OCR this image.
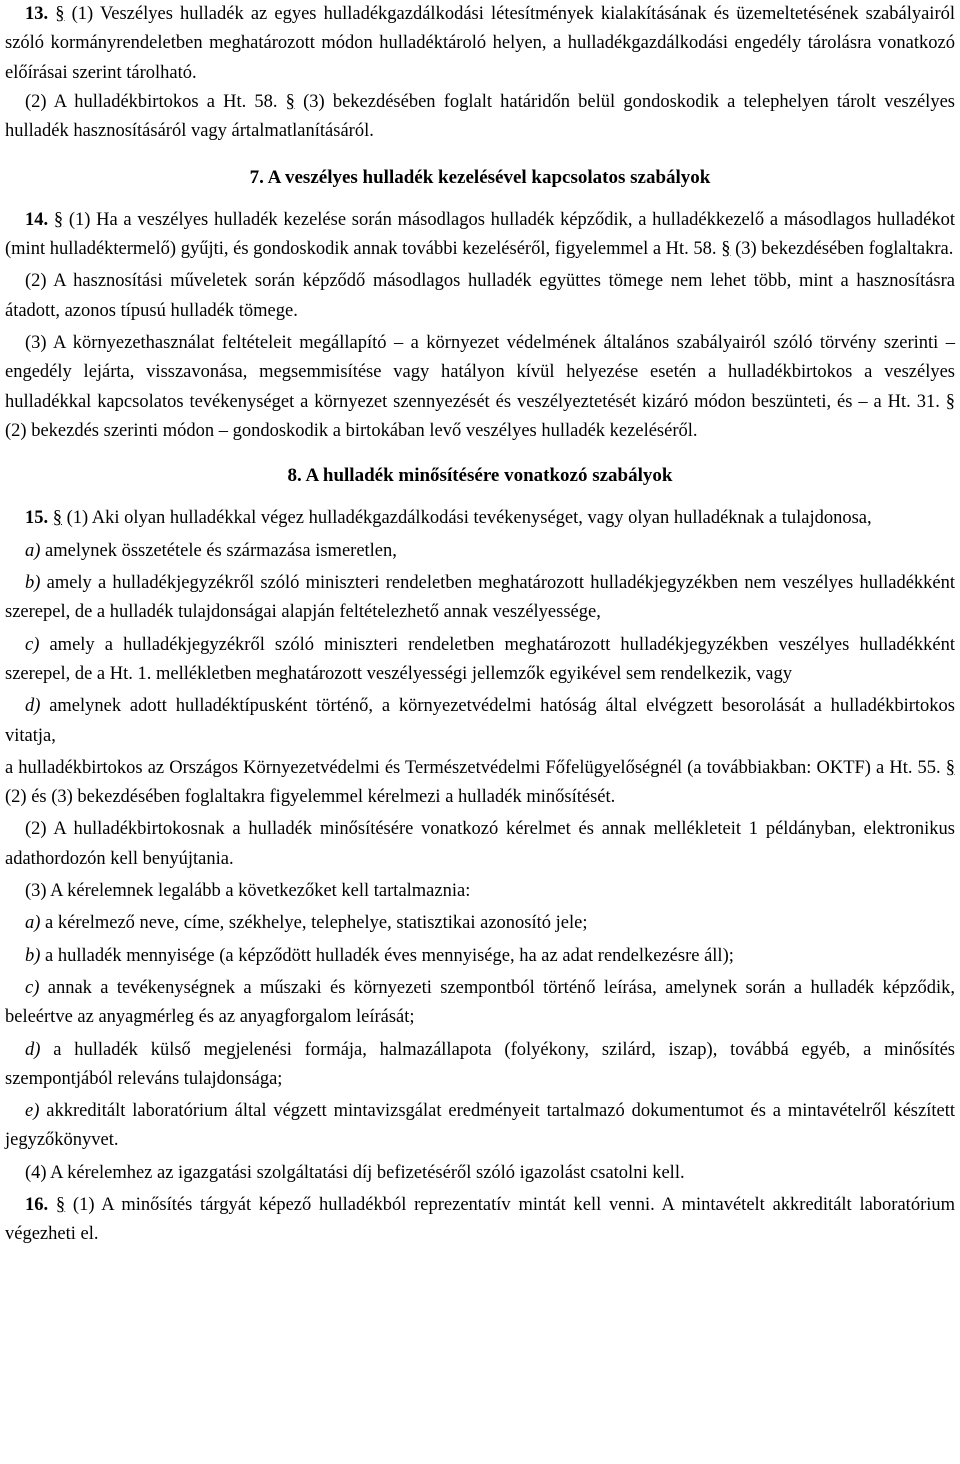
13. § (1) Veszélyes hulladék az egyes hulladékgazdálkodási létesítmények kialakításának és üzemeltetésének szabályairól szóló kormányrendeletben meghatározott módon hulladéktároló helyen, a hulladékgazdálkodási engedély tárolásra vonatkozó előírásai szerint tárolható.

(2) A hulladékbirtokos a Ht. 58. § (3) bekezdésében foglalt határidőn belül gondoskodik a telephelyen tárolt veszélyes hulladék hasznosításáról vagy ártalmatlanításáról.

7. A veszélyes hulladék kezelésével kapcsolatos szabályok

14. § (1) Ha a veszélyes hulladék kezelése során másodlagos hulladék képződik, a hulladékkezelő a másodlagos hulladékot (mint hulladéktermelő) gyűjti, és gondoskodik annak további kezeléséről, figyelemmel a Ht. 58. § (3) bekezdésében foglaltakra.

(2) A hasznosítási műveletek során képződő másodlagos hulladék együttes tömege nem lehet több, mint a hasznosításra átadott, azonos típusú hulladék tömege.

(3) A környezethasználat feltételeit megállapító – a környezet védelmének általános szabályairól szóló törvény szerinti – engedély lejárta, visszavonása, megsemmisítése vagy hatályon kívül helyezése esetén a hulladékbirtokos a veszélyes hulladékkal kapcsolatos tevékenységet a környezet szennyezését és veszélyeztetését kizáró módon beszünteti, és – a Ht. 31. § (2) bekezdés szerinti módon – gondoskodik a birtokában levő veszélyes hulladék kezeléséről.

8. A hulladék minősítésére vonatkozó szabályok

15. § (1) Aki olyan hulladékkal végez hulladékgazdálkodási tevékenységet, vagy olyan hulladéknak a tulajdonosa,

a) amelynek összetétele és származása ismeretlen,

b) amely a hulladékjegyzékről szóló miniszteri rendeletben meghatározott hulladékjegyzékben nem veszélyes hulladékként szerepel, de a hulladék tulajdonságai alapján feltételezhető annak veszélyessége,

c) amely a hulladékjegyzékről szóló miniszteri rendeletben meghatározott hulladékjegyzékben veszélyes hulladékként szerepel, de a Ht. 1. mellékletben meghatározott veszélyességi jellemzők egyikével sem rendelkezik, vagy

d) amelynek adott hulladéktípusként történő, a környezetvédelmi hatóság által elvégzett besorolását a hulladékbirtokos vitatja,

a hulladékbirtokos az Országos Környezetvédelmi és Természetvédelmi Főfelügyelőségnél (a továbbiakban: OKTF) a Ht. 55. § (2) és (3) bekezdésében foglaltakra figyelemmel kérelmezi a hulladék minősítését.

(2) A hulladékbirtokosnak a hulladék minősítésére vonatkozó kérelmet és annak mellékleteit 1 példányban, elektronikus adathordozón kell benyújtania.

(3) A kérelemnek legalább a következőket kell tartalmaznia:

a) a kérelmező neve, címe, székhelye, telephelye, statisztikai azonosító jele;

b) a hulladék mennyisége (a képződött hulladék éves mennyisége, ha az adat rendelkezésre áll);

c) annak a tevékenységnek a műszaki és környezeti szempontból történő leírása, amelynek során a hulladék képződik, beleértve az anyagmérleg és az anyagforgalom leírását;

d) a hulladék külső megjelenési formája, halmazállapota (folyékony, szilárd, iszap), továbbá egyéb, a minősítés szempontjából releváns tulajdonsága;

e) akkreditált laboratórium által végzett mintavizsgálat eredményeit tartalmazó dokumentumot és a mintavételről készített jegyzőkönyvet.

(4) A kérelemhez az igazgatási szolgáltatási díj befizetéséről szóló igazolást csatolni kell.

16. § (1) A minősítés tárgyát képező hulladékból reprezentatív mintát kell venni. A mintavételt akkreditált laboratórium végezheti el.
